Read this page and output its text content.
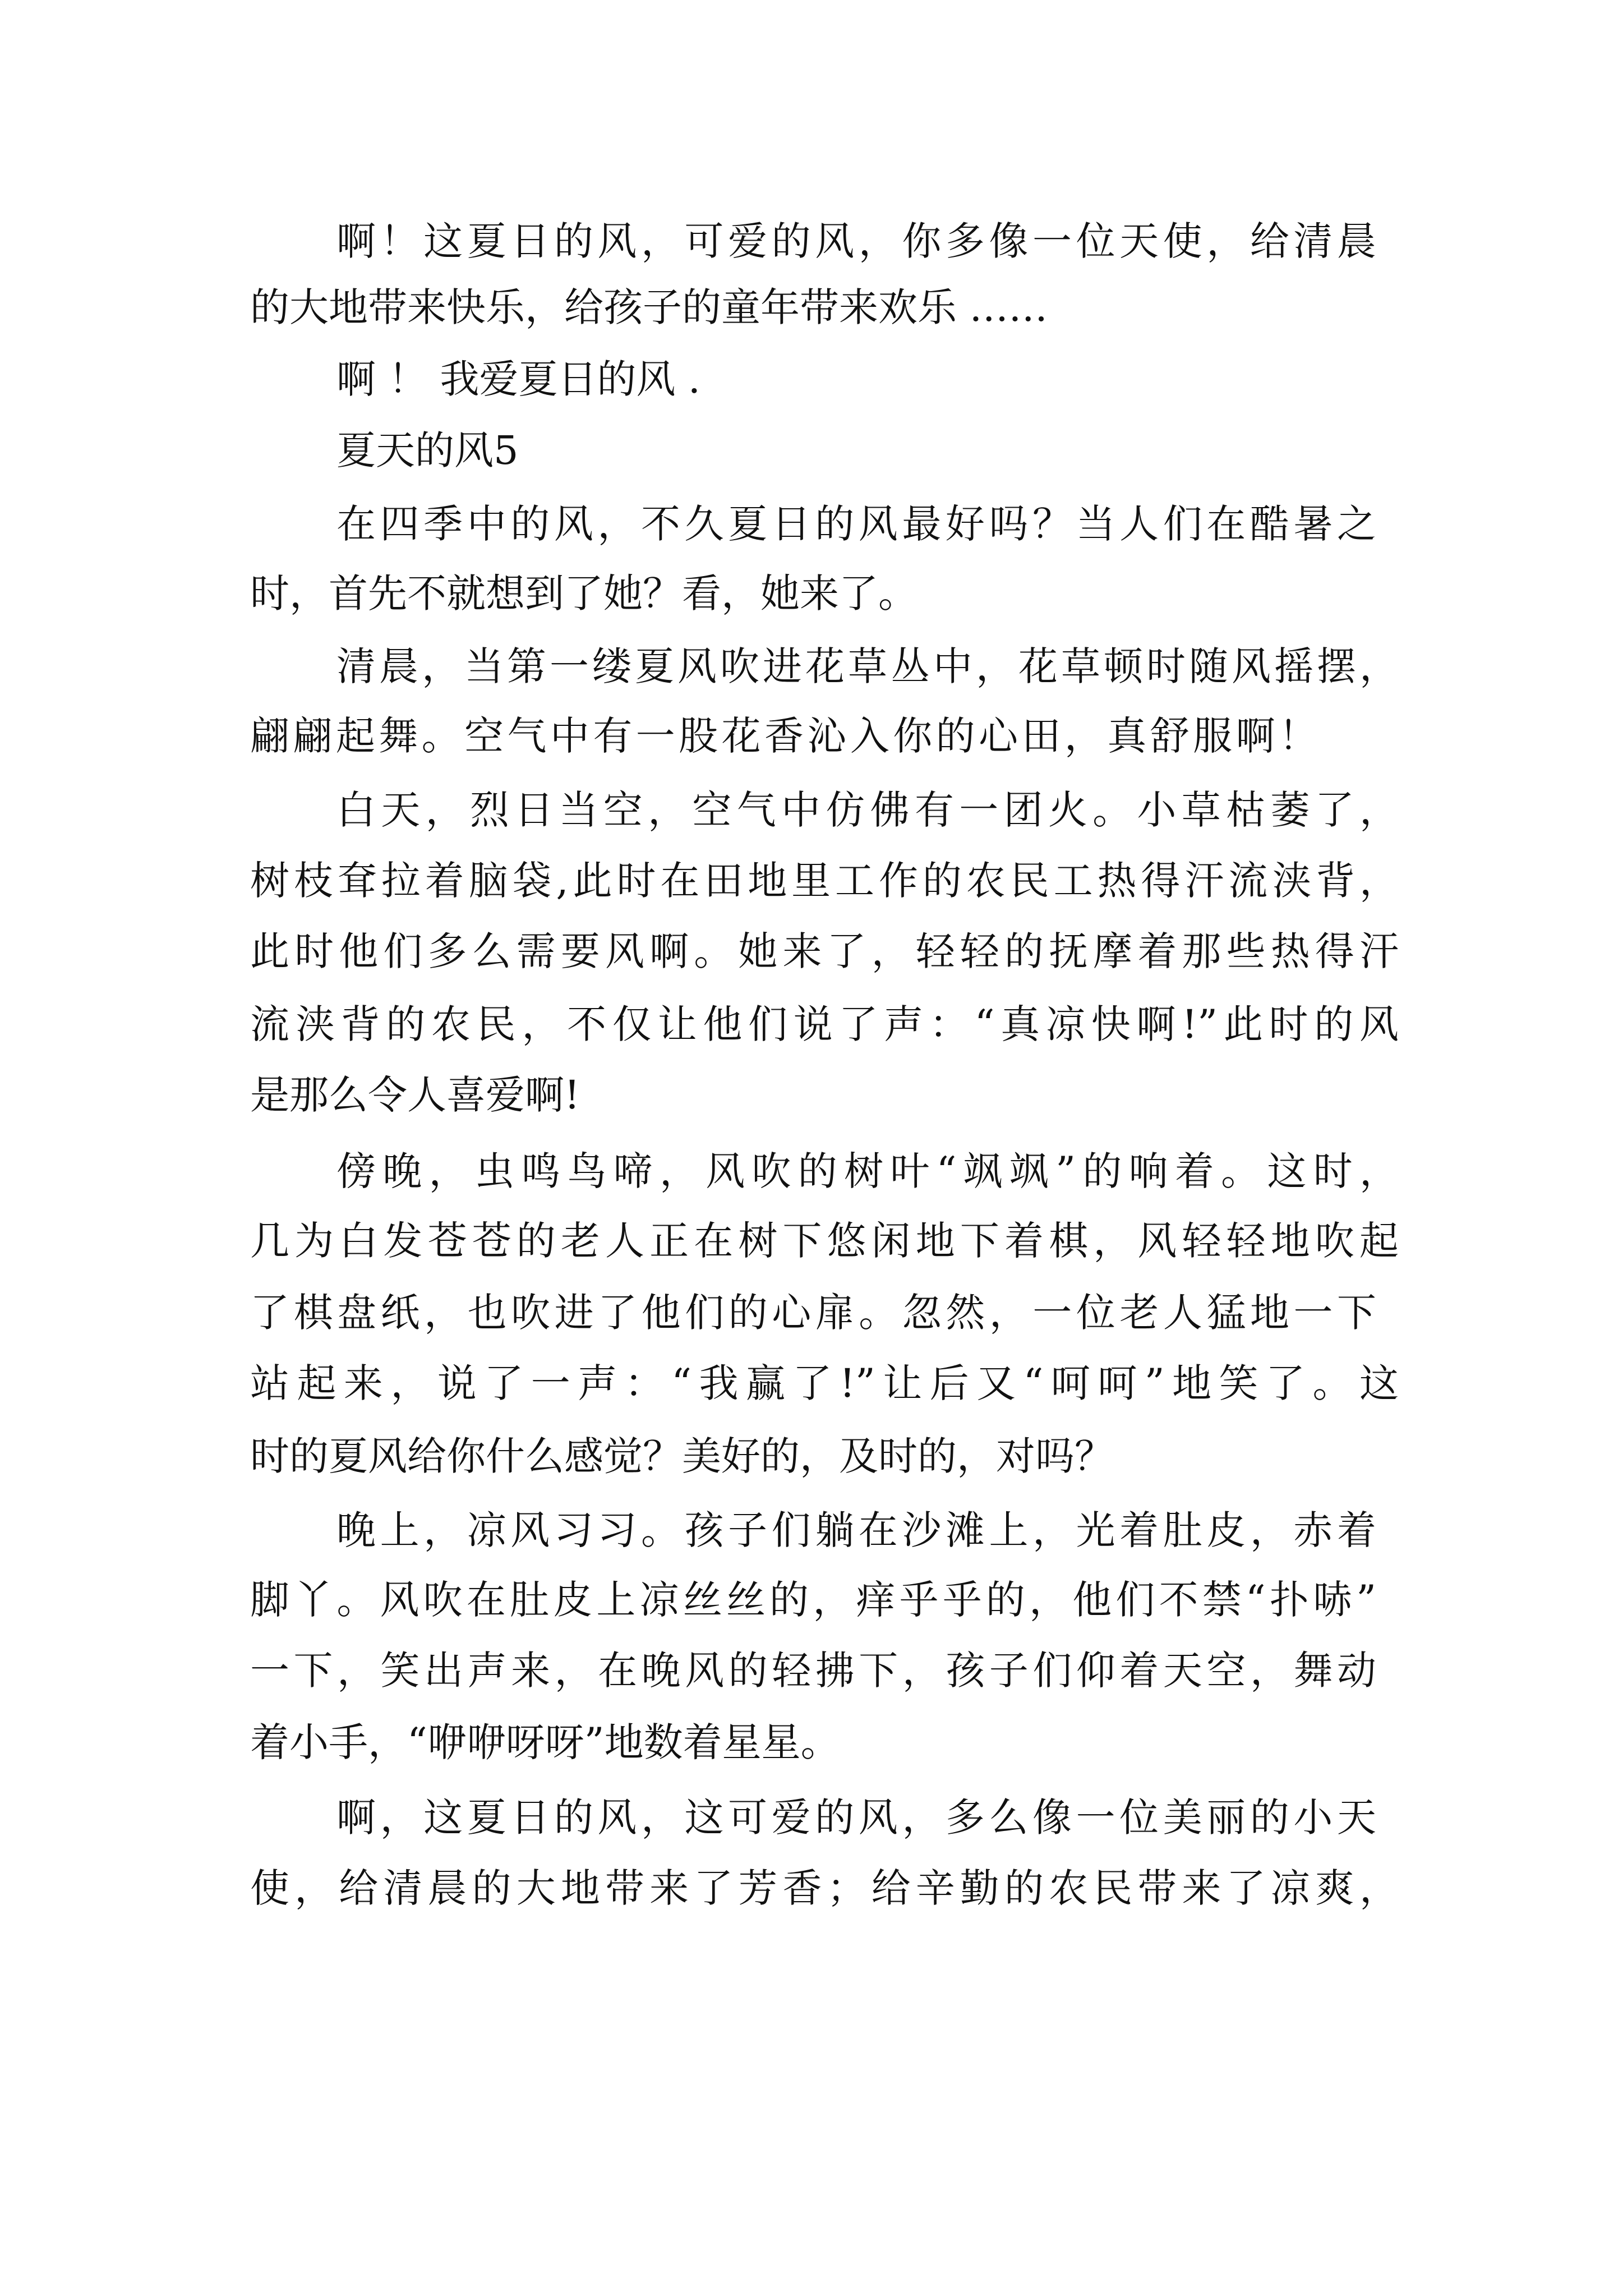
啊！这夏日的风，可爱的风，你多像一位天使，给清晨

的大地带来快乐，给孩子的童年带来欢乐 ……

啊 ！ 我爱夏日的风 .

夏天的风5

在四季中的风，不久夏日的风最好吗？当人们在酷暑之

时，首先不就想到了她？看，她来了。

清晨，当第一缕夏风吹进花草丛中，花草顿时随风摇摆，

翩翩起舞。空气中有一股花香沁入你的心田，真舒服啊！

白天，烈日当空，空气中仿佛有一团火。小草枯萎了，

树枝耷拉着脑袋,此时在田地里工作的农民工热得汗流浃背，

此时他们多么需要风啊。她来了，轻轻的抚摩着那些热得汗

流浃背的农民，不仅让他们说了声：“真凉快啊!”此时的风

是那么令人喜爱啊!

傍晚，虫鸣鸟啼，风吹的树叶“飒飒”的响着。这时，

几为白发苍苍的老人正在树下悠闲地下着棋，风轻轻地吹起

了棋盘纸，也吹进了他们的心扉。忽然，一位老人猛地一下

站起来，说了一声：“我赢了!”让后又“呵呵”地笑了。这

时的夏风给你什么感觉？美好的，及时的，对吗？

晚上，凉风习习。孩子们躺在沙滩上，光着肚皮，赤着

脚丫。风吹在肚皮上凉丝丝的，痒乎乎的，他们不禁“扑哧”

一下，笑出声来，在晚风的轻拂下，孩子们仰着天空，舞动

着小手，“咿咿呀呀”地数着星星。

啊，这夏日的风，这可爱的风，多么像一位美丽的小天

使，给清晨的大地带来了芳香；给辛勤的农民带来了凉爽，
